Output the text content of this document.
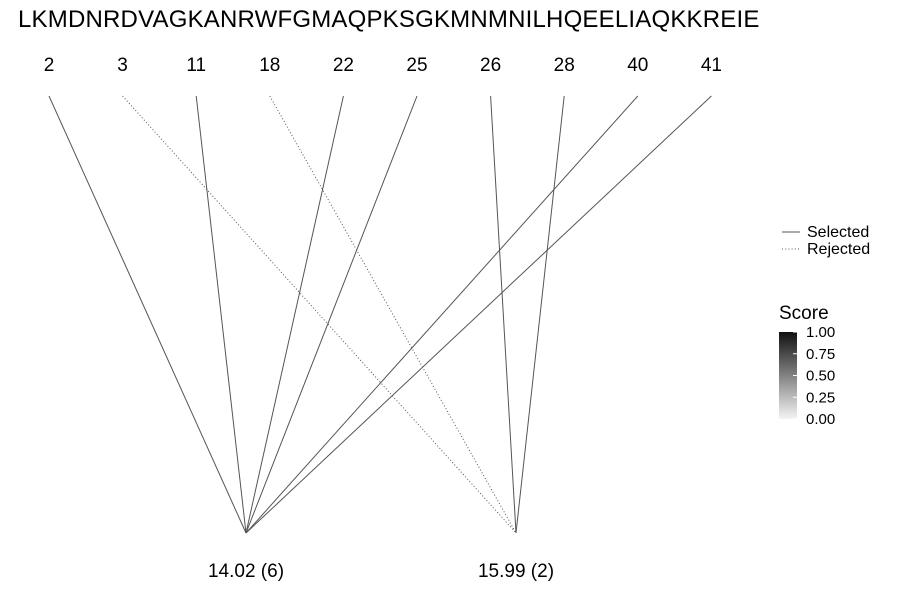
LKMDNRDVAGKANRWFGMAQPKSGKMNMNILHQEELIAQKKREIE
2	3	11	18	22	25	26	28	40	41
14.02 (6)	15.99 (2)
Selected
Rejected
Score
1.00
0.75
0.50
0.25
0.00
